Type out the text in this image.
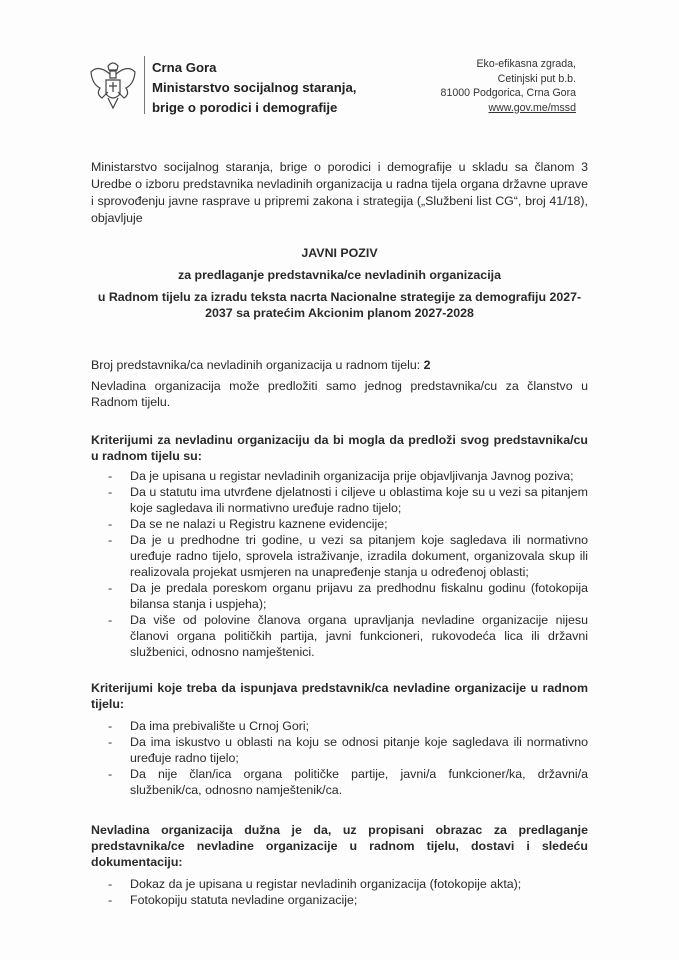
Crna Gora
Ministarstvo socijalnog staranja,
brige o porodici i demografije
Eko-efikasna zgrada,
Cetinjski put b.b.
81000 Podgorica, Crna Gora
www.gov.me/mssd
Ministarstvo socijalnog staranja, brige o porodici i demografije u skladu sa članom 3 Uredbe o izboru predstavnika nevladinih organizacija u radna tijela organa državne uprave i sprovođenju javne rasprave u pripremi zakona i strategija („Službeni list CG“, broj 41/18), objavljuje
JAVNI POZIV
za predlaganje predstavnika/ce nevladinih organizacija
u Radnom tijelu za izradu teksta nacrta Nacionalne strategije za demografiju 2027-2037 sa pratećim Akcionim planom 2027-2028
Broj predstavnika/ca nevladinih organizacija u radnom tijelu: 2
Nevladina organizacija može predložiti samo jednog predstavnika/cu za članstvo u Radnom tijelu.
Kriterijumi za nevladinu organizaciju da bi mogla da predloži svog predstavnika/cu u radnom tijelu su:
- Da je upisana u registar nevladinih organizacija prije objavljivanja Javnog poziva;
- Da u statutu ima utvrđene djelatnosti i ciljeve u oblastima koje su u vezi sa pitanjem koje sagledava ili normativno uređuje radno tijelo;
- Da se ne nalazi u Registru kaznene evidencije;
- Da je u predhodne tri godine, u vezi sa pitanjem koje sagledava ili normativno uređuje radno tijelo, sprovela istraživanje, izradila dokument, organizovala skup ili realizovala projekat usmjeren na unapređenje stanja u određenoj oblasti;
- Da je predala poreskom organu prijavu za predhodnu fiskalnu godinu (fotokopija bilansa stanja i uspjeha);
- Da više od polovine članova organa upravljanja nevladine organizacije nijesu članovi organa političkih partija, javni funkcioneri, rukovodeća lica ili državni službenici, odnosno namještenici.
Kriterijumi koje treba da ispunjava predstavnik/ca nevladine organizacije u radnom tijelu:
- Da ima prebivalište u Crnoj Gori;
- Da ima iskustvo u oblasti na koju se odnosi pitanje koje sagledava ili normativno uređuje radno tijelo;
- Da nije član/ica organa političke partije, javni/a funkcioner/ka, državni/a službenik/ca, odnosno namještenik/ca.
Nevladina organizacija dužna je da, uz propisani obrazac za predlaganje predstavnika/ce nevladine organizacije u radnom tijelu, dostavi i sledeću dokumentaciju:
- Dokaz da je upisana u registar nevladinih organizacija (fotokopije akta);
- Fotokopiju statuta nevladine organizacije;
